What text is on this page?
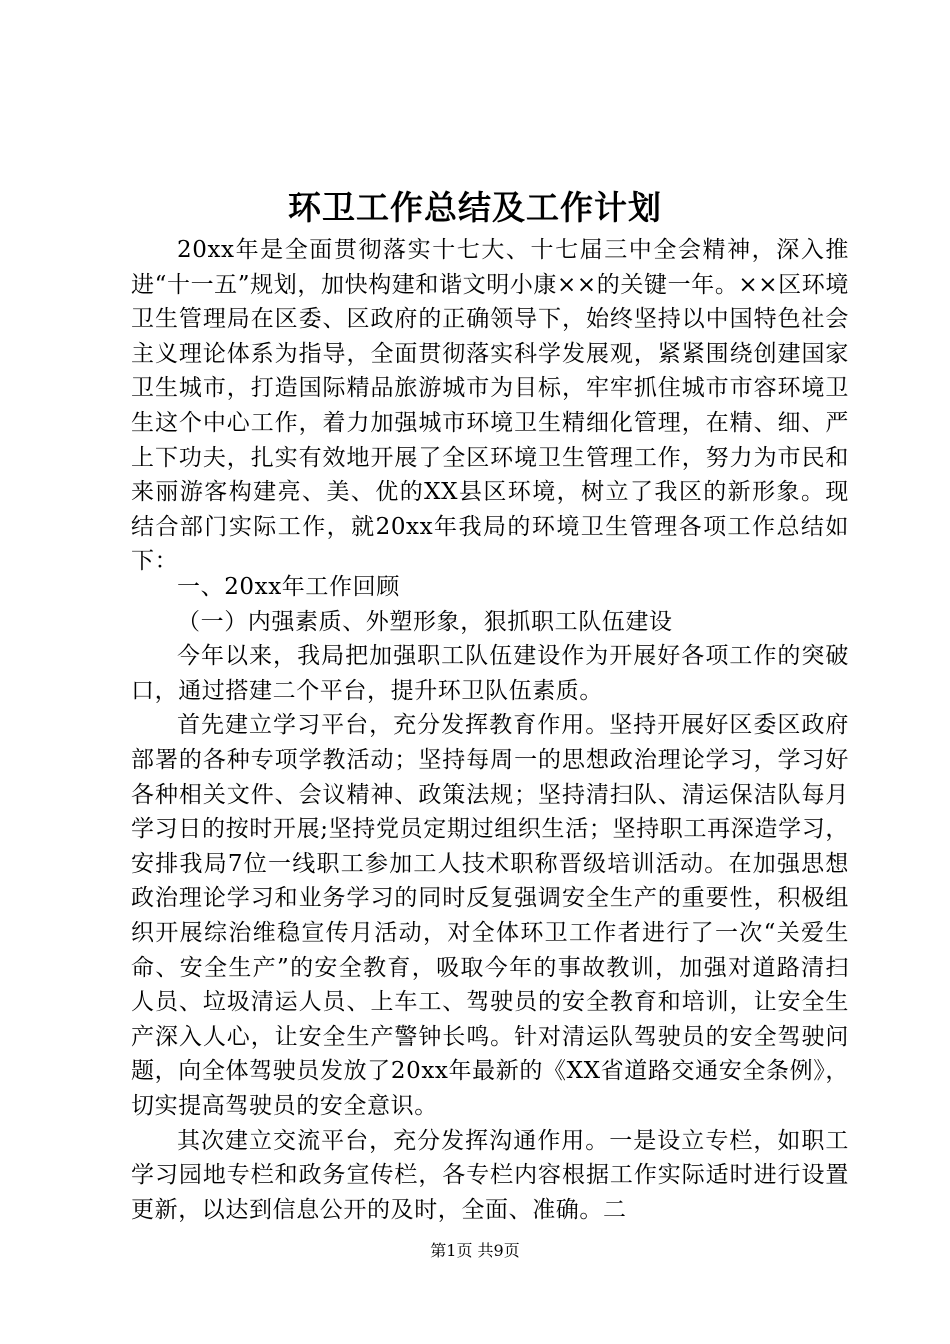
环卫工作总结及工作计划

20xx年是全面贯彻落实十七大、十七届三中全会精神，深入推进“十一五”规划，加快构建和谐文明小康××的关键一年。××区环境卫生管理局在区委、区政府的正确领导下，始终坚持以中国特色社会主义理论体系为指导，全面贯彻落实科学发展观，紧紧围绕创建国家卫生城市，打造国际精品旅游城市为目标，牢牢抓住城市市容环境卫生这个中心工作，着力加强城市环境卫生精细化管理，在精、细、严上下功夫，扎实有效地开展了全区环境卫生管理工作，努力为市民和来丽游客构建亮、美、优的XX县区环境，树立了我区的新形象。现结合部门实际工作，就20xx年我局的环境卫生管理各项工作总结如下：

一、20xx年工作回顾

（一）内强素质、外塑形象，狠抓职工队伍建设

今年以来，我局把加强职工队伍建设作为开展好各项工作的突破口，通过搭建二个平台，提升环卫队伍素质。

首先建立学习平台，充分发挥教育作用。坚持开展好区委区政府部署的各种专项学教活动；坚持每周一的思想政治理论学习，学习好各种相关文件、会议精神、政策法规；坚持清扫队、清运保洁队每月学习日的按时开展;坚持党员定期过组织生活；坚持职工再深造学习，安排我局7位一线职工参加工人技术职称晋级培训活动。在加强思想政治理论学习和业务学习的同时反复强调安全生产的重要性，积极组织开展综治维稳宣传月活动，对全体环卫工作者进行了一次“关爱生命、安全生产”的安全教育，吸取今年的事故教训，加强对道路清扫人员、垃圾清运人员、上车工、驾驶员的安全教育和培训，让安全生产深入人心，让安全生产警钟长鸣。针对清运队驾驶员的安全驾驶问题，向全体驾驶员发放了20xx年最新的《XX省道路交通安全条例》，切实提高驾驶员的安全意识。

其次建立交流平台，充分发挥沟通作用。一是设立专栏，如职工学习园地专栏和政务宣传栏，各专栏内容根据工作实际适时进行设置更新，以达到信息公开的及时，全面、准确。二

第1页 共9页
